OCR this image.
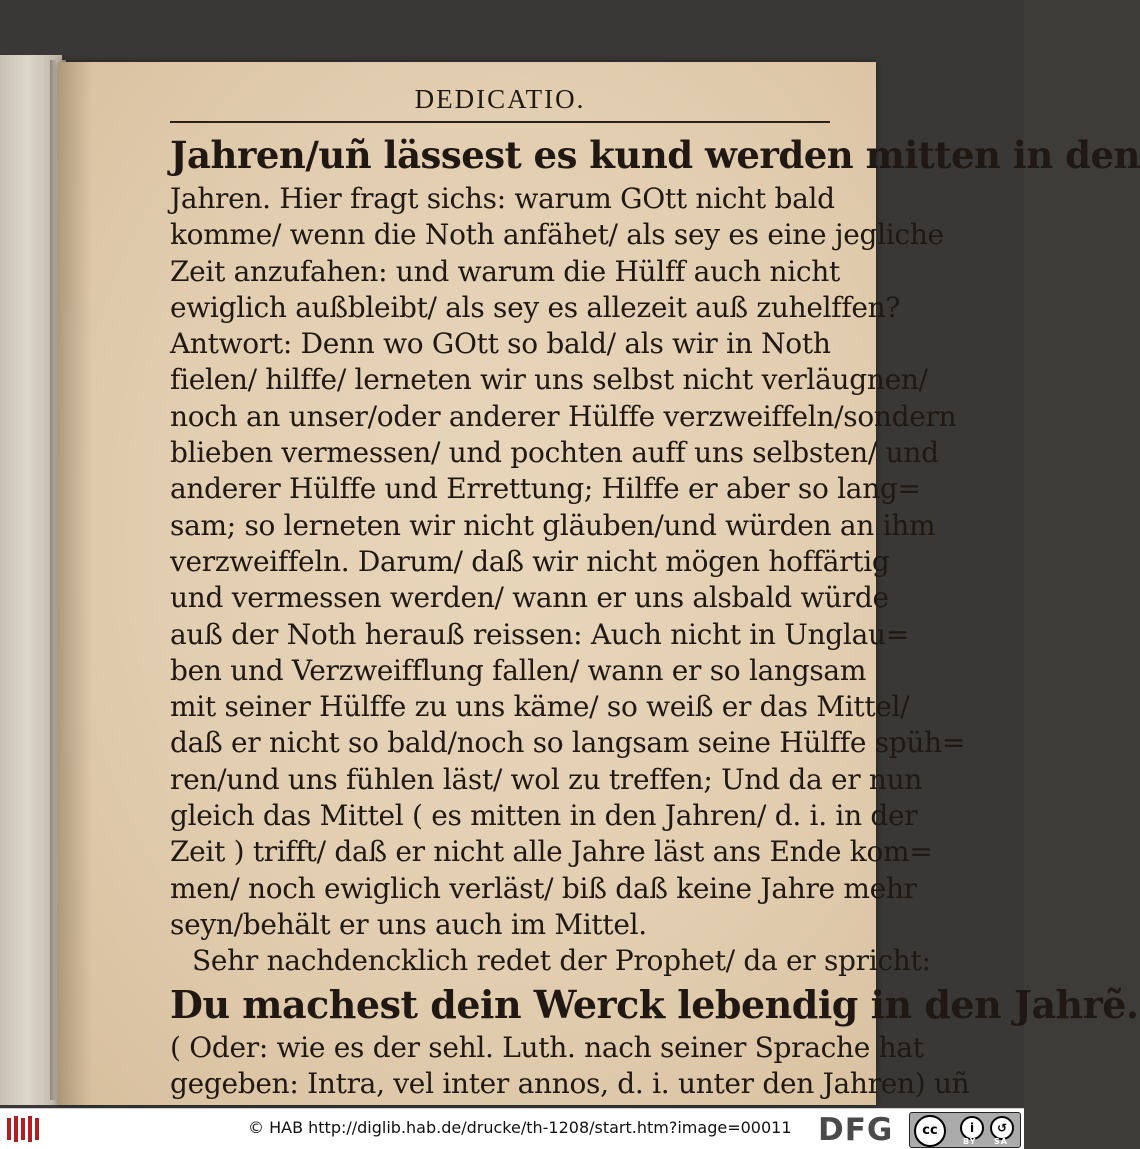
DEDICATIO.
Jahren/uñ lässest es kund werden mitten in den
Jahren. Hier fragt sichs: warum GOtt nicht bald
komme/ wenn die Noth anfähet/ als sey es eine jegliche
Zeit anzufahen: und warum die Hülff auch nicht
ewiglich außbleibt/ als sey es allezeit auß zuhelffen?
Antwort: Denn wo GOtt so bald/ als wir in Noth
fielen/ hilffe/ lerneten wir uns selbst nicht verläugnen/
noch an unser/oder anderer Hülffe verzweiffeln/sondern
blieben vermessen/ und pochten auff uns selbsten/ und
anderer Hülffe und Errettung; Hilffe er aber so lang=
sam; so lerneten wir nicht gläuben/und würden an ihm
verzweiffeln. Darum/ daß wir nicht mögen hoffärtig
und vermessen werden/ wann er uns alsbald würde
auß der Noth herauß reissen: Auch nicht in Unglau=
ben und Verzweifflung fallen/ wann er so langsam
mit seiner Hülffe zu uns käme/ so weiß er das Mittel/
daß er nicht so bald/noch so langsam seine Hülffe spüh=
ren/und uns fühlen läst/ wol zu treffen; Und da er nun
gleich das Mittel ( es mitten in den Jahren/ d. i. in der
Zeit ) trifft/ daß er nicht alle Jahre läst ans Ende kom=
men/ noch ewiglich verläst/ biß daß keine Jahre mehr
seyn/behält er uns auch im Mittel.
Sehr nachdencklich redet der Prophet/ da er spricht:
Du machest dein Werck lebendig in den Jahrẽ.
( Oder: wie es der sehl. Luth. nach seiner Sprache hat
gegeben: Intra, vel inter annos, d. i. unter den Jahren) uñ
© HAB http://diglib.hab.de/drucke/th-1208/start.htm?image=00011 DFG	cc	i	↺
BY SA
